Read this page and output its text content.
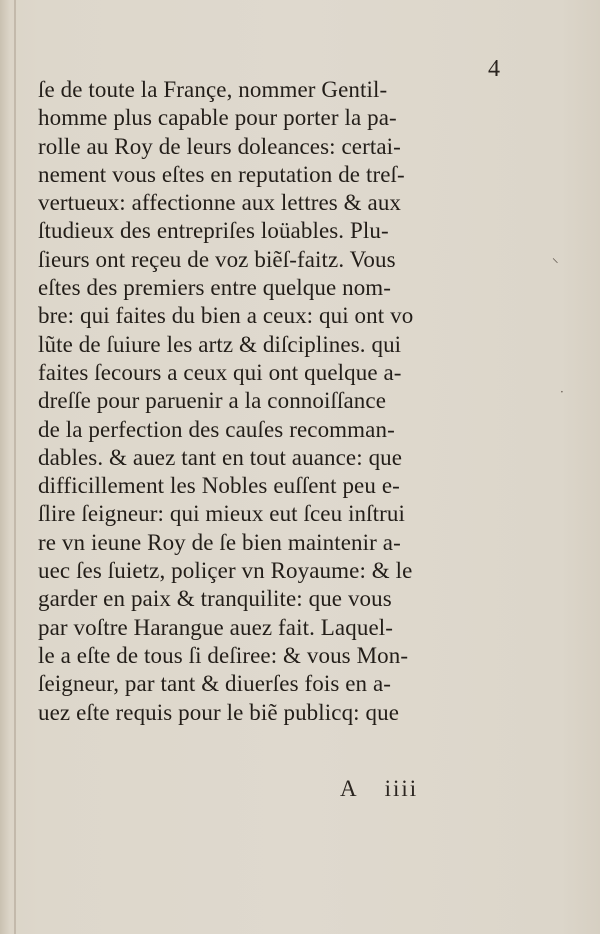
4
ſe de toute la Françe, nommer Gentil-
homme plus capable pour porter la pa-
rolle au Roy de leurs doleances: certai-
nement vous eſtes en reputation de treſ-
vertueux: affectionne aux lettres & aux
ſtudieux des entrepriſes loüables. Plu-
ſieurs ont reçeu de voz biẽſ-faitz. Vous
eſtes des premiers entre quelque nom-
bre: qui faites du bien a ceux: qui ont vo
lũte de ſuiure les artz & diſciplines. qui
faites ſecours a ceux qui ont quelque a-
dreſſe pour paruenir a la connoiſſance
de la perfection des cauſes recomman-
dables. & auez tant en tout auance: que
difficillement les Nobles euſſent peu e-
ſlire ſeigneur: qui mieux eut ſceu inſtrui
re vn ieune Roy de ſe bien maintenir a-
uec ſes ſuietz, poliçer vn Royaume: & le
garder en paix & tranquilite: que vous
par voſtre Harangue auez fait. Laquel-
le a eſte de tous ſi deſiree: & vous Mon-
ſeigneur, par tant & diuerſes fois en a-
uez eſte requis pour le biẽ publicq: que
A iiii
⸜
·
